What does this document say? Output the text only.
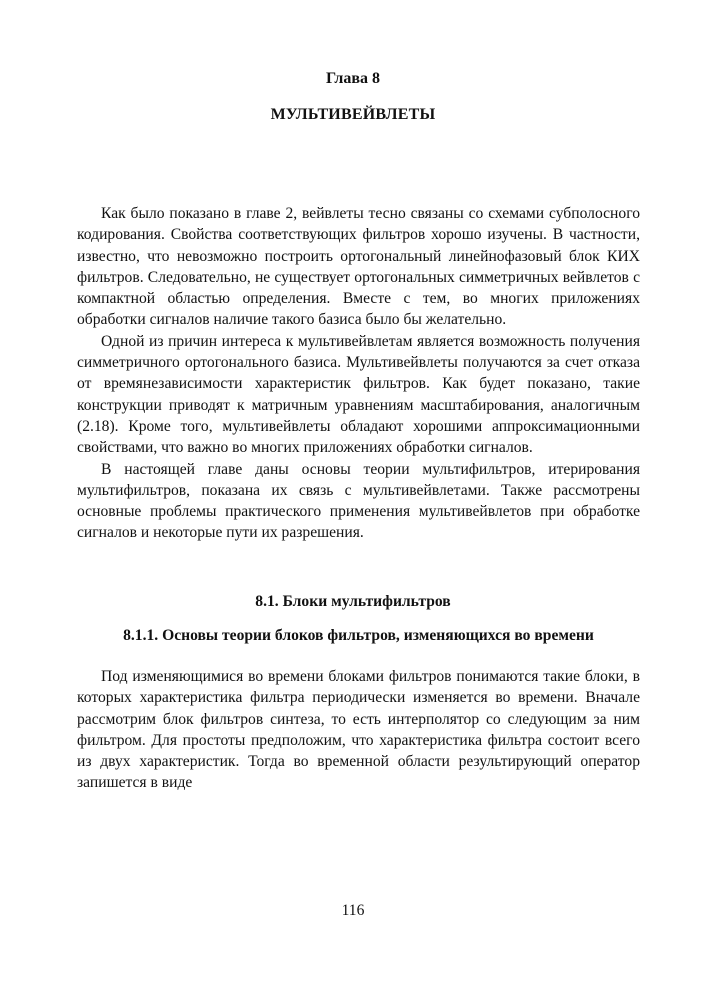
Глава 8
МУЛЬТИВЕЙВЛЕТЫ

Как было показано в главе 2, вейвлеты тесно связаны со схемами субполосного кодирования. Свойства соответствующих фильтров хорошо изучены. В частности, известно, что невозможно построить ортогональный линейнофазовый блок КИХ фильтров. Следовательно, не существует ортогональных симметричных вейвлетов с компактной областью определения. Вместе с тем, во многих приложениях обработки сигналов наличие такого базиса было бы желательно.

Одной из причин интереса к мультивейвлетам является возможность получения симметричного ортогонального базиса. Мультивейвлеты получаются за счет отказа от времянезависимости характеристик фильтров. Как будет показано, такие конструкции приводят к матричным уравнениям масштабирования, аналогичным (2.18). Кроме того, мультивейвлеты обладают хорошими аппроксимационными свойствами, что важно во многих приложениях обработки сигналов.

В настоящей главе даны основы теории мультифильтров, итерирования мультифильтров, показана их связь с мультивейвлетами. Также рассмотрены основные проблемы практического применения мультивейвлетов при обработке сигналов и некоторые пути их разрешения.

8.1. Блоки мультифильтров
8.1.1. Основы теории блоков фильтров, изменяющихся во времени

Под изменяющимися во времени блоками фильтров понимаются такие блоки, в которых характеристика фильтра периодически изменяется во времени. Вначале рассмотрим блок фильтров синтеза, то есть интерполятор со следующим за ним фильтром. Для простоты предположим, что характеристика фильтра состоит всего из двух характеристик. Тогда во временной области результирующий оператор запишется в виде

116
